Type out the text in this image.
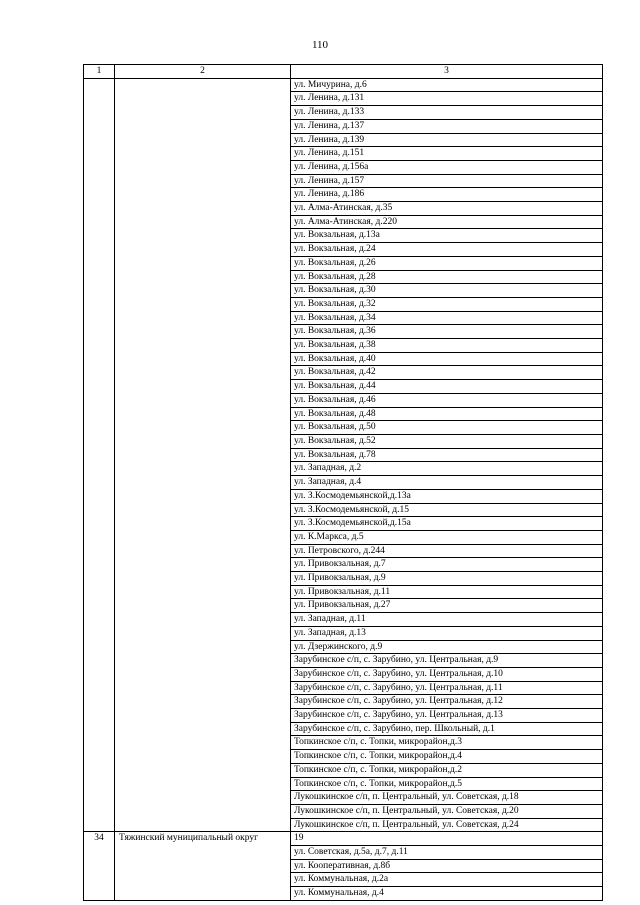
110
1	2	3
		ул. Мичурина, д.6
		ул. Ленина, д.131
		ул. Ленина, д.133
		ул. Ленина, д.137
		ул. Ленина, д.139
		ул. Ленина, д.151
		ул. Ленина, д.156а
		ул. Ленина, д.157
		ул. Ленина, д.186
		ул. Алма-Атинская, д.35
		ул. Алма-Атинская, д.220
		ул. Вокзальная, д.13а
		ул. Вокзальная, д.24
		ул. Вокзальная, д.26
		ул. Вокзальная, д.28
		ул. Вокзальная, д.30
		ул. Вокзальная, д.32
		ул. Вокзальная, д.34
		ул. Вокзальная, д.36
		ул. Вокзальная, д.38
		ул. Вокзальная, д.40
		ул. Вокзальная, д.42
		ул. Вокзальная, д.44
		ул. Вокзальная, д.46
		ул. Вокзальная, д.48
		ул. Вокзальная, д.50
		ул. Вокзальная, д.52
		ул. Вокзальная, д.78
		ул. Западная, д.2
		ул. Западная, д.4
		ул. З.Космодемьянской,д.13а
		ул. З.Космодемьянской, д.15
		ул. З.Космодемьянской,д.15а
		ул. К.Маркса, д.5
		ул. Петровского, д.244
		ул. Привокзальная, д.7
		ул. Привокзальная, д.9
		ул. Привокзальная, д.11
		ул. Привокзальная, д.27
		ул. Западная, д.11
		ул. Западная, д.13
		ул. Дзержинского, д.9
		Зарубинское с/п, с. Зарубино, ул. Центральная, д.9
		Зарубинское с/п, с. Зарубино, ул. Центральная, д.10
		Зарубинское с/п, с. Зарубино, ул. Центральная, д.11
		Зарубинское с/п, с. Зарубино, ул. Центральная, д.12
		Зарубинское с/п, с. Зарубино, ул. Центральная, д.13
		Зарубинское с/п, с. Зарубино, пер. Школьный, д.1
		Топкинское с/п, с. Топки, микрорайон,д.3
		Топкинское с/п, с. Топки, микрорайон,д.4
		Топкинское с/п, с. Топки, микрорайон,д.2
		Топкинское с/п, с. Топки, микрорайон,д.5
		Лукошкинское с/п, п. Центральный, ул. Советская, д.18
		Лукошкинское с/п, п. Центральный, ул. Советская, д.20
		Лукошкинское с/п, п. Центральный, ул. Советская, д.24
34	Тяжинский муниципальный округ	19
		ул. Советская, д.5а, д.7, д.11
		ул. Кооперативная, д.8б
		ул. Коммунальная, д.2а
		ул. Коммунальная, д.4
